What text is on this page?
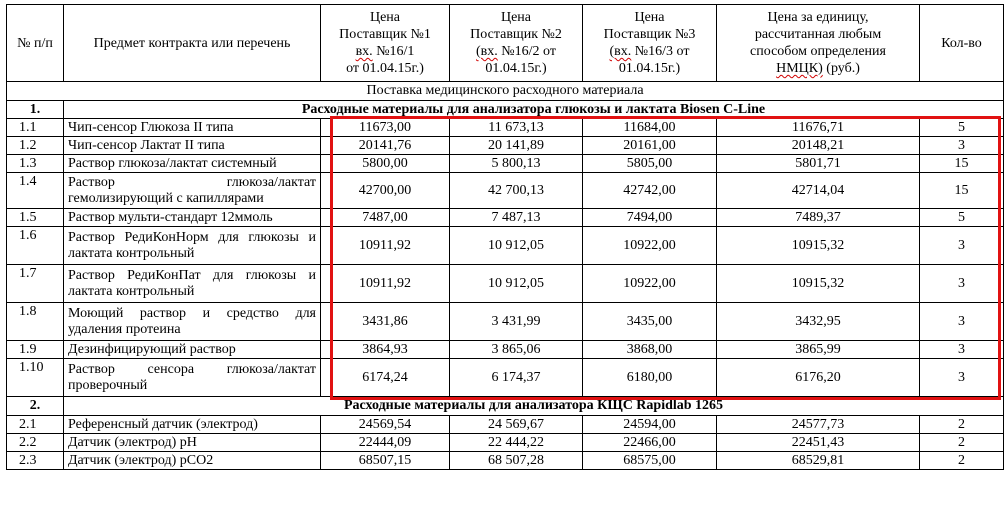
№ п/п	Предмет контракта или перечень	Цена
Поставщик №1
вх. №16/1
от 01.04.15г.)	Цена
Поставщик №2
(вх. №16/2 от
01.04.15г.)	Цена
Поставщик №3
(вх. №16/3 от
01.04.15г.)	Цена за единицу,
рассчитанная любым
способом определения
НМЦК) (руб.)	Кол-во
Поставка медицинского расходного материала						
1.	Расходные материалы для анализатора глюкозы и лактата Biosen C-Line					
1.1	Чип-сенсор Глюкоза II типа	11673,00	11 673,13	11684,00	11676,71	5
1.2	Чип-сенсор Лактат II типа	20141,76	20 141,89	20161,00	20148,21	3
1.3	Раствор глюкоза/лактат системный	5800,00	5 800,13	5805,00	5801,71	15
1.4	Раствор глюкоза/лактат гемолизирующий с капиллярами	42700,00	42 700,13	42742,00	42714,04	15
1.5	Раствор мульти-стандарт 12ммоль	7487,00	7 487,13	7494,00	7489,37	5
1.6	Раствор РедиКонНорм для глюкозы и лактата контрольный	10911,92	10 912,05	10922,00	10915,32	3
1.7	Раствор РедиКонПат для глюкозы и лактата контрольный	10911,92	10 912,05	10922,00	10915,32	3
1.8	Моющий раствор и средство для удаления протеина	3431,86	3 431,99	3435,00	3432,95	3
1.9	Дезинфицирующий раствор	3864,93	3 865,06	3868,00	3865,99	3
1.10	Раствор сенсора глюкоза/лактат проверочный	6174,24	6 174,37	6180,00	6176,20	3
2.	Расходные материалы для анализатора КЩС Rapidlab 1265					
2.1	Референсный датчик (электрод)	24569,54	24 569,67	24594,00	24577,73	2
2.2	Датчик (электрод) pH	22444,09	22 444,22	22466,00	22451,43	2
2.3	Датчик (электрод) pCO2	68507,15	68 507,28	68575,00	68529,81	2
